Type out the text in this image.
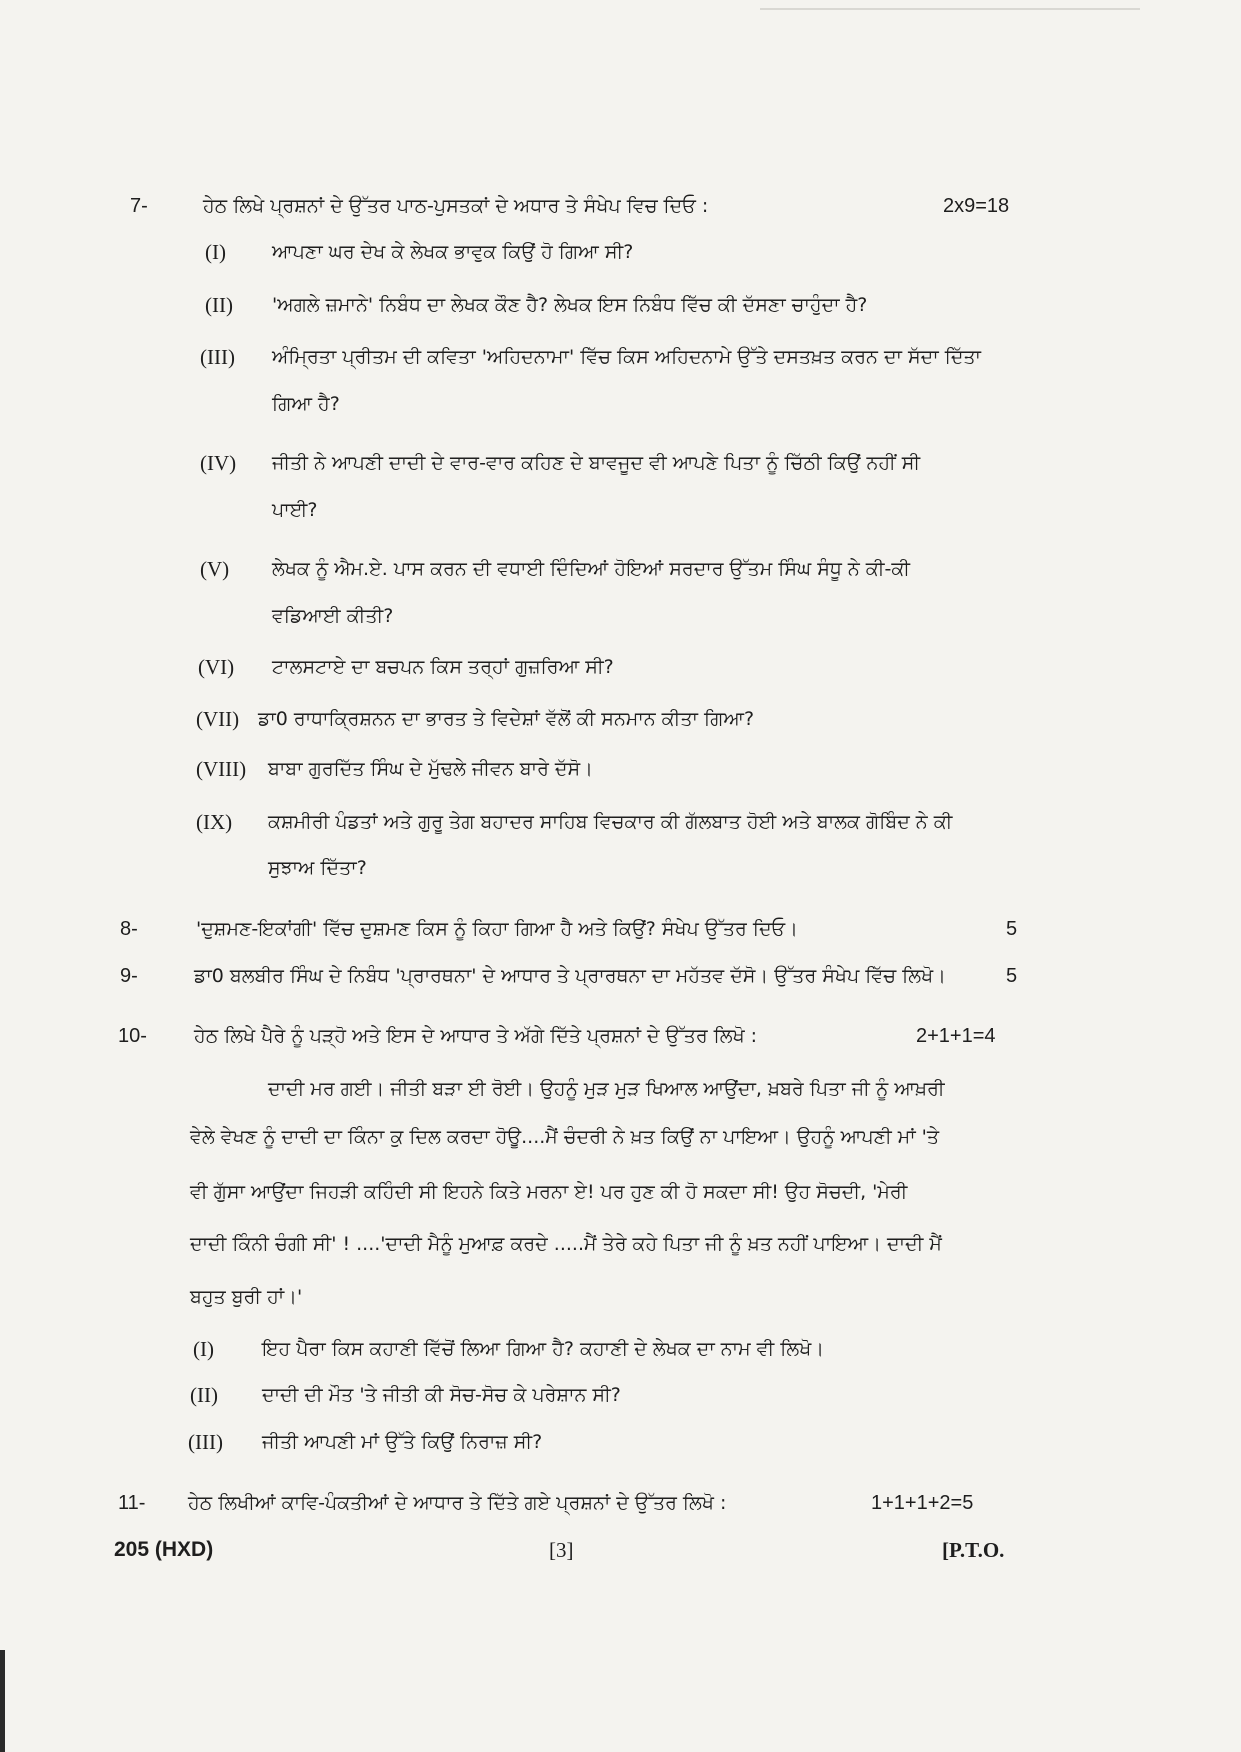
7-	ਹੇਠ ਲਿਖੇ ਪ੍ਰਸ਼ਨਾਂ ਦੇ ਉੱਤਰ ਪਾਠ-ਪੁਸਤਕਾਂ ਦੇ ਅਧਾਰ ਤੇ ਸੰਖੇਪ ਵਿਚ ਦਿਓ :	2x9=18
(I) ਆਪਣਾ ਘਰ ਦੇਖ ਕੇ ਲੇਖਕ ਭਾਵੁਕ ਕਿਉਂ ਹੋ ਗਿਆ ਸੀ?
(II) 'ਅਗਲੇ ਜ਼ਮਾਨੇ' ਨਿਬੰਧ ਦਾ ਲੇਖਕ ਕੌਣ ਹੈ? ਲੇਖਕ ਇਸ ਨਿਬੰਧ ਵਿੱਚ ਕੀ ਦੱਸਣਾ ਚਾਹੁੰਦਾ ਹੈ?
(III) ਅੰਮ੍ਰਿਤਾ ਪ੍ਰੀਤਮ ਦੀ ਕਵਿਤਾ 'ਅਹਿਦਨਾਮਾ' ਵਿੱਚ ਕਿਸ ਅਹਿਦਨਾਮੇ ਉੱਤੇ ਦਸਤਖ਼ਤ ਕਰਨ ਦਾ ਸੱਦਾ ਦਿੱਤਾ
ਗਿਆ ਹੈ?
(IV) ਜੀਤੀ ਨੇ ਆਪਣੀ ਦਾਦੀ ਦੇ ਵਾਰ-ਵਾਰ ਕਹਿਣ ਦੇ ਬਾਵਜੂਦ ਵੀ ਆਪਣੇ ਪਿਤਾ ਨੂੰ ਚਿੱਠੀ ਕਿਉਂ ਨਹੀਂ ਸੀ
ਪਾਈ?
(V) ਲੇਖਕ ਨੂੰ ਐਮ.ਏ. ਪਾਸ ਕਰਨ ਦੀ ਵਧਾਈ ਦਿੰਦਿਆਂ ਹੋਇਆਂ ਸਰਦਾਰ ਉੱਤਮ ਸਿੰਘ ਸੰਧੂ ਨੇ ਕੀ-ਕੀ
ਵਡਿਆਈ ਕੀਤੀ?
(VI) ਟਾਲਸਟਾਏ ਦਾ ਬਚਪਨ ਕਿਸ ਤਰ੍ਹਾਂ ਗੁਜ਼ਰਿਆ ਸੀ?
(VII) ਡਾ0 ਰਾਧਾਕ੍ਰਿਸ਼ਨਨ ਦਾ ਭਾਰਤ ਤੇ ਵਿਦੇਸ਼ਾਂ ਵੱਲੋਂ ਕੀ ਸਨਮਾਨ ਕੀਤਾ ਗਿਆ?
(VIII) ਬਾਬਾ ਗੁਰਦਿੱਤ ਸਿੰਘ ਦੇ ਮੁੱਢਲੇ ਜੀਵਨ ਬਾਰੇ ਦੱਸੋ।
(IX) ਕਸ਼ਮੀਰੀ ਪੰਡਤਾਂ ਅਤੇ ਗੁਰੂ ਤੇਗ ਬਹਾਦਰ ਸਾਹਿਬ ਵਿਚਕਾਰ ਕੀ ਗੱਲਬਾਤ ਹੋਈ ਅਤੇ ਬਾਲਕ ਗੋਬਿੰਦ ਨੇ ਕੀ
ਸੁਝਾਅ ਦਿੱਤਾ?
8-	'ਦੁਸ਼ਮਣ-ਇਕਾਂਗੀ' ਵਿੱਚ ਦੁਸ਼ਮਣ ਕਿਸ ਨੂੰ ਕਿਹਾ ਗਿਆ ਹੈ ਅਤੇ ਕਿਉਂ? ਸੰਖੇਪ ਉੱਤਰ ਦਿਓ।	5
9-	ਡਾ0 ਬਲਬੀਰ ਸਿੰਘ ਦੇ ਨਿਬੰਧ 'ਪ੍ਰਾਰਥਨਾ' ਦੇ ਆਧਾਰ ਤੇ ਪ੍ਰਾਰਥਨਾ ਦਾ ਮਹੱਤਵ ਦੱਸੋ। ਉੱਤਰ ਸੰਖੇਪ ਵਿੱਚ ਲਿਖੋ।	5
10- ਹੇਠ ਲਿਖੇ ਪੈਰੇ ਨੂੰ ਪੜ੍ਹੋ ਅਤੇ ਇਸ ਦੇ ਆਧਾਰ ਤੇ ਅੱਗੇ ਦਿੱਤੇ ਪ੍ਰਸ਼ਨਾਂ ਦੇ ਉੱਤਰ ਲਿਖੋ :	2+1+1=4
ਦਾਦੀ ਮਰ ਗਈ। ਜੀਤੀ ਬੜਾ ਈ ਰੋਈ। ਉਹਨੂੰ ਮੁੜ ਮੁੜ ਖਿਆਲ ਆਉਂਦਾ, ਖ਼ਬਰੇ ਪਿਤਾ ਜੀ ਨੂੰ ਆਖ਼ਰੀ
ਵੇਲੇ ਵੇਖਣ ਨੂੰ ਦਾਦੀ ਦਾ ਕਿੰਨਾ ਕੁ ਦਿਲ ਕਰਦਾ ਹੋਊ....ਮੈਂ ਚੰਦਰੀ ਨੇ ਖ਼ਤ ਕਿਉਂ ਨਾ ਪਾਇਆ। ਉਹਨੂੰ ਆਪਣੀ ਮਾਂ 'ਤੇ
ਵੀ ਗੁੱਸਾ ਆਉਂਦਾ ਜਿਹੜੀ ਕਹਿੰਦੀ ਸੀ ਇਹਨੇ ਕਿਤੇ ਮਰਨਾ ਏ! ਪਰ ਹੁਣ ਕੀ ਹੋ ਸਕਦਾ ਸੀ! ਉਹ ਸੋਚਦੀ, 'ਮੇਰੀ
ਦਾਦੀ ਕਿੰਨੀ ਚੰਗੀ ਸੀ' ! ....'ਦਾਦੀ ਮੈਨੂੰ ਮੁਆਫ਼ ਕਰਦੇ .....ਮੈਂ ਤੇਰੇ ਕਹੇ ਪਿਤਾ ਜੀ ਨੂੰ ਖ਼ਤ ਨਹੀਂ ਪਾਇਆ। ਦਾਦੀ ਮੈਂ
ਬਹੁਤ ਬੁਰੀ ਹਾਂ।'
(I)	ਇਹ ਪੈਰਾ ਕਿਸ ਕਹਾਣੀ ਵਿੱਚੋਂ ਲਿਆ ਗਿਆ ਹੈ? ਕਹਾਣੀ ਦੇ ਲੇਖਕ ਦਾ ਨਾਮ ਵੀ ਲਿਖੋ।
(II) ਦਾਦੀ ਦੀ ਮੌਤ 'ਤੇ ਜੀਤੀ ਕੀ ਸੋਚ-ਸੋਚ ਕੇ ਪਰੇਸ਼ਾਨ ਸੀ?
(III) ਜੀਤੀ ਆਪਣੀ ਮਾਂ ਉੱਤੇ ਕਿਉਂ ਨਿਰਾਜ਼ ਸੀ?
11- ਹੇਠ ਲਿਖੀਆਂ ਕਾਵਿ-ਪੰਕਤੀਆਂ ਦੇ ਆਧਾਰ ਤੇ ਦਿੱਤੇ ਗਏ ਪ੍ਰਸ਼ਨਾਂ ਦੇ ਉੱਤਰ ਲਿਖੋ :	1+1+1+2=5
205 (HXD)	[3]	[P.T.O.
